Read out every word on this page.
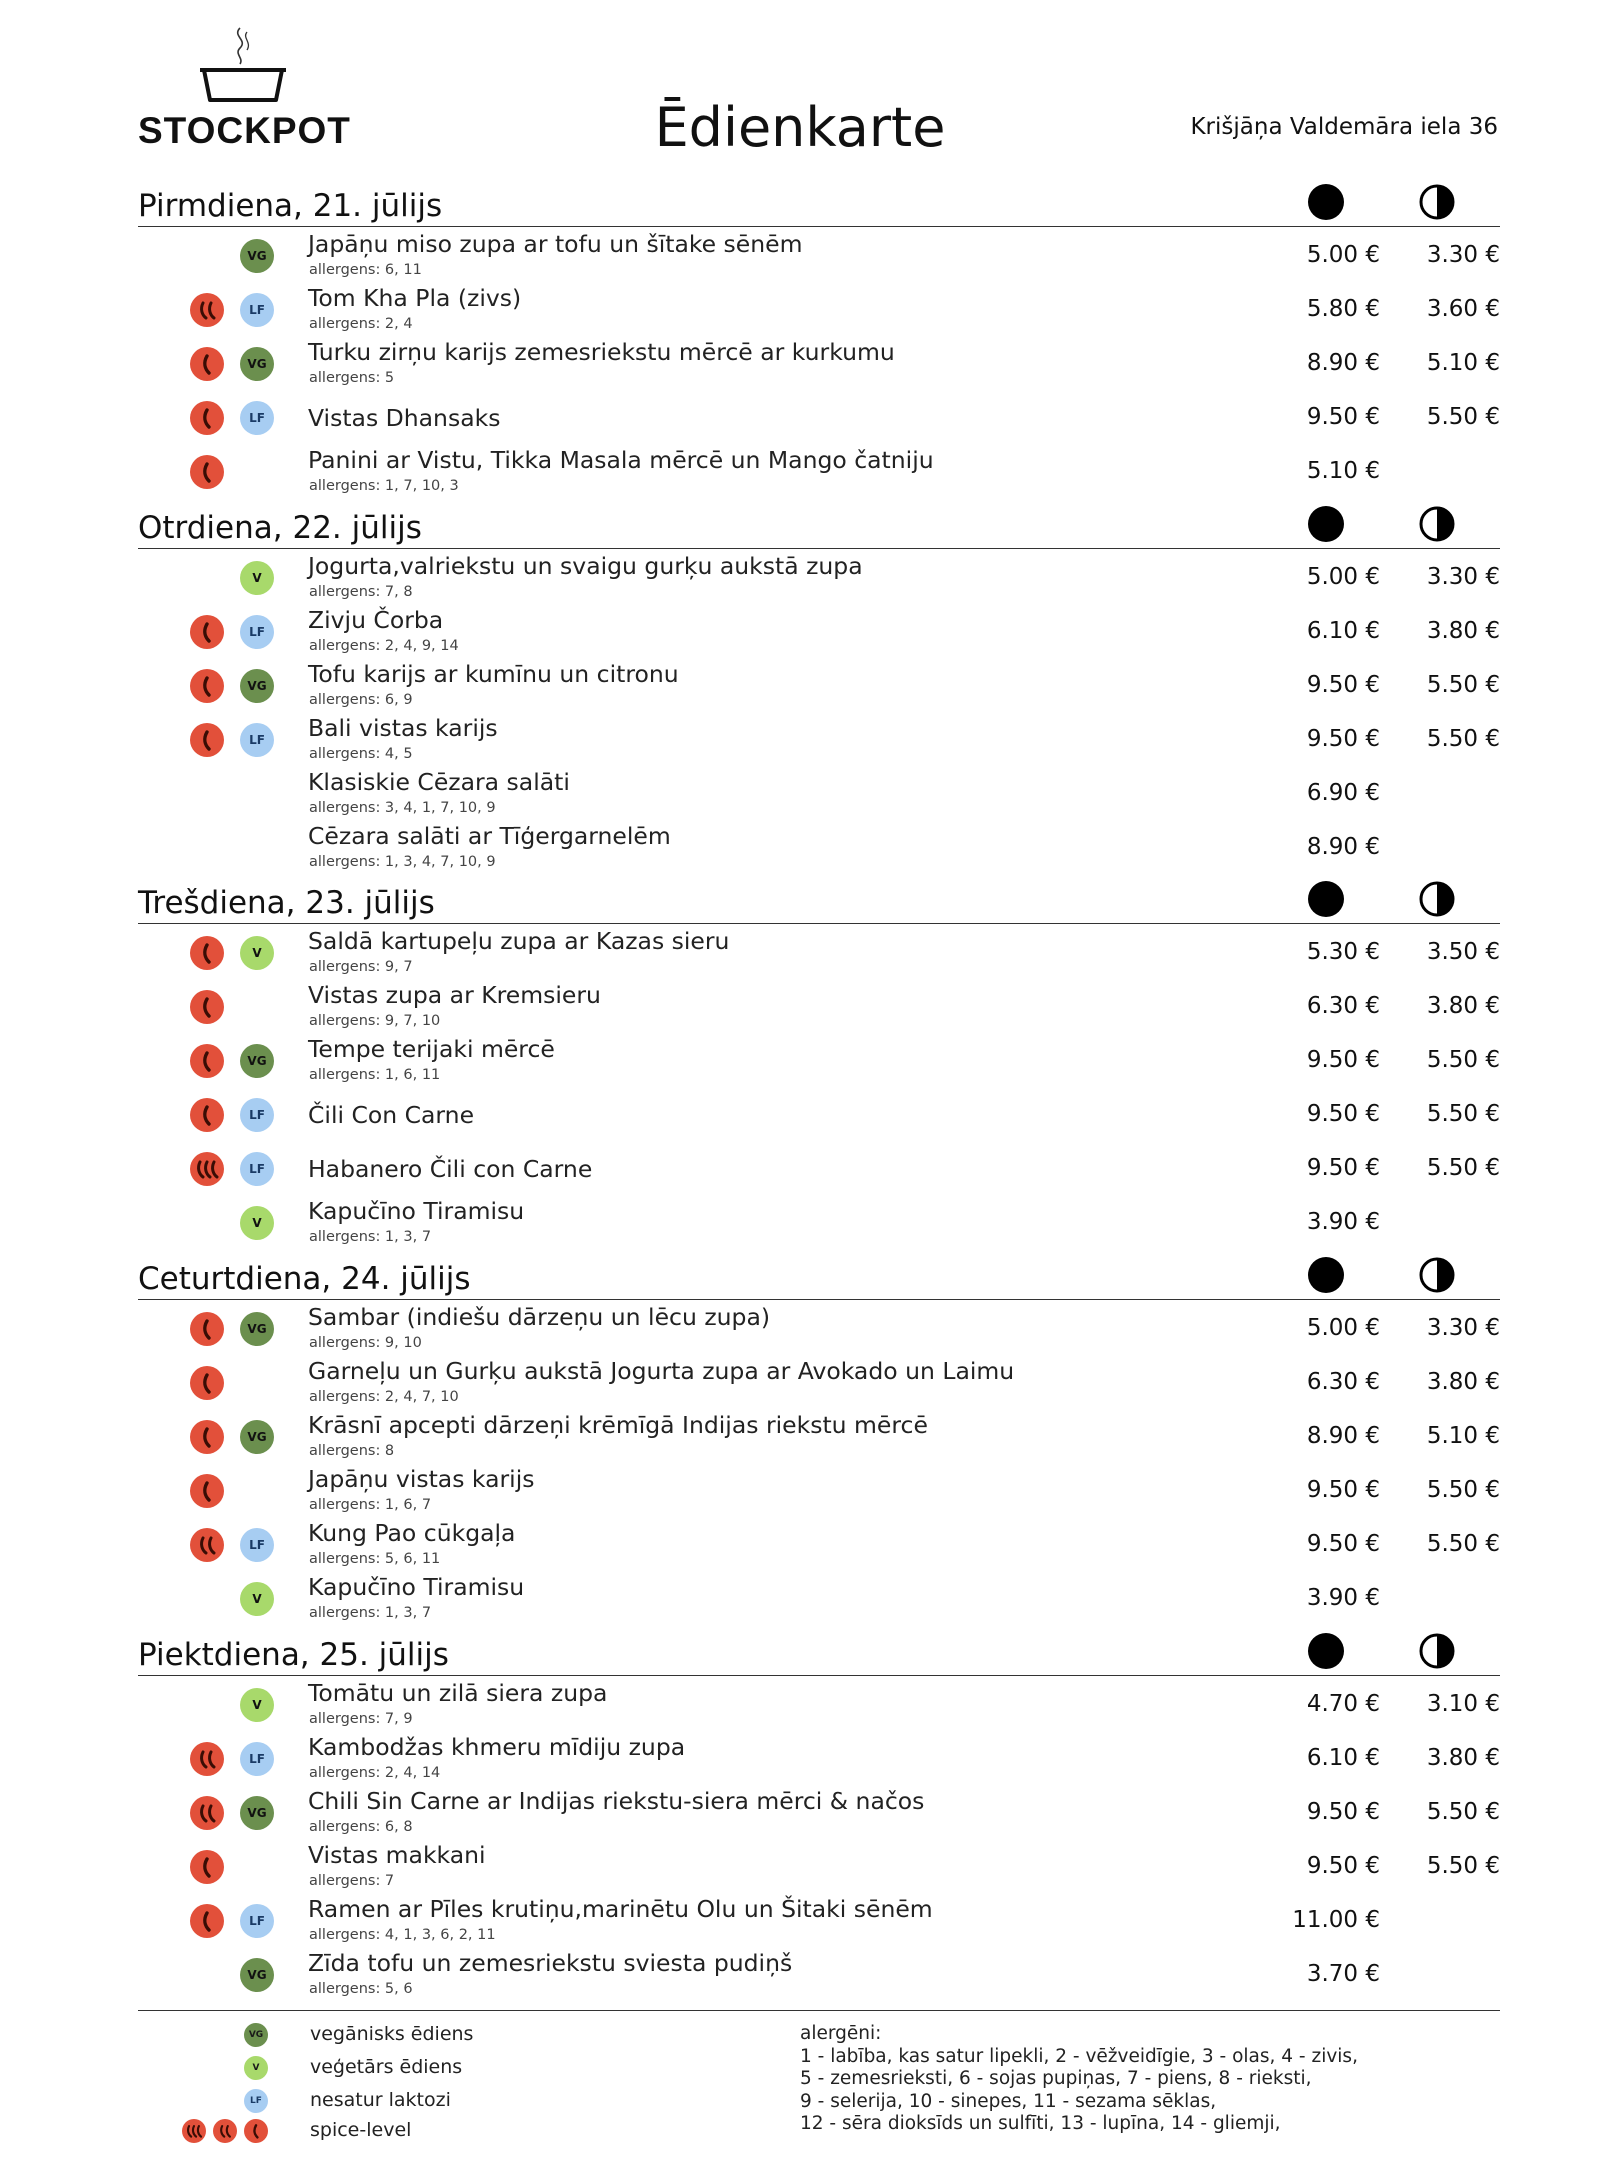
STOCKPOT	Ēdienkarte	Krišjāņa Valdemāra iela 36
Pirmdiena, 21. jūlijs
VG	Japāņu miso zupa ar tofu un šītake sēnēm
allergens: 6, 11
5.00 € 3.30 €
LF	Tom Kha Pla (zivs)
allergens: 2, 4
5.80 € 3.60 €
VG	Turku zirņu karijs zemesriekstu mērcē ar kurkumu
allergens: 5
8.90 € 5.10 €
LF	Vistas Dhansaks	9.50 € 5.50 €
Panini ar Vistu, Tikka Masala mērcē un Mango čatniju
allergens: 1, 7, 10, 3
5.10 €
Otrdiena, 22. jūlijs
V	Jogurta,valriekstu un svaigu gurķu aukstā zupa
allergens: 7, 8
5.00 € 3.30 €
LF	Zivju Čorba
allergens: 2, 4, 9, 14
6.10 € 3.80 €
VG	Tofu karijs ar kumīnu un citronu
allergens: 6, 9
9.50 € 5.50 €
LF	Bali vistas karijs
allergens: 4, 5
9.50 € 5.50 €
Klasiskie Cēzara salāti
allergens: 3, 4, 1, 7, 10, 9
6.90 €
Cēzara salāti ar Tīģergarnelēm
allergens: 1, 3, 4, 7, 10, 9
8.90 €
Trešdiena, 23. jūlijs
V	Saldā kartupeļu zupa ar Kazas sieru
allergens: 9, 7
5.30 € 3.50 €
Vistas zupa ar Kremsieru
allergens: 9, 7, 10
6.30 € 3.80 €
VG	Tempe terijaki mērcē
allergens: 1, 6, 11
9.50 € 5.50 €
LF	Čili Con Carne	9.50 € 5.50 €
LF	Habanero Čili con Carne	9.50 € 5.50 €
V	Kapučīno Tiramisu
allergens: 1, 3, 7
3.90 €
Ceturtdiena, 24. jūlijs
VG	Sambar (indiešu dārzeņu un lēcu zupa)
allergens: 9, 10
5.00 € 3.30 €
Garneļu un Gurķu aukstā Jogurta zupa ar Avokado un Laimu
allergens: 2, 4, 7, 10
6.30 € 3.80 €
VG	Krāsnī apcepti dārzeņi krēmīgā Indijas riekstu mērcē
allergens: 8
8.90 € 5.10 €
Japāņu vistas karijs
allergens: 1, 6, 7
9.50 € 5.50 €
LF	Kung Pao cūkgaļa
allergens: 5, 6, 11
9.50 € 5.50 €
V	Kapučīno Tiramisu
allergens: 1, 3, 7
3.90 €
Piektdiena, 25. jūlijs
V	Tomātu un zilā siera zupa
allergens: 7, 9
4.70 € 3.10 €
LF	Kambodžas khmeru mīdiju zupa
allergens: 2, 4, 14
6.10 € 3.80 €
VG	Chili Sin Carne ar Indijas riekstu-siera mērci & načos
allergens: 6, 8
9.50 € 5.50 €
Vistas makkani
allergens: 7
9.50 € 5.50 €
LF	Ramen ar Pīles krutiņu,marinētu Olu un Šitaki sēnēm
allergens: 4, 1, 3, 6, 2, 11
11.00 €
VG	Zīda tofu un zemesriekstu sviesta pudiņš
allergens: 5, 6
3.70 €
VG vegānisks ēdiens
V	veģetārs ēdiens
LF	nesatur laktozi
spice-level
alergēni:
1 - labība, kas satur lipekli, 2 - vēžveidīgie, 3 - olas, 4 - zivis,
5 - zemesrieksti, 6 - sojas pupiņas, 7 - piens, 8 - rieksti,
9 - selerija, 10 - sinepes, 11 - sezama sēklas,
12 - sēra dioksīds un sulfīti, 13 - lupīna, 14 - gliemji,
